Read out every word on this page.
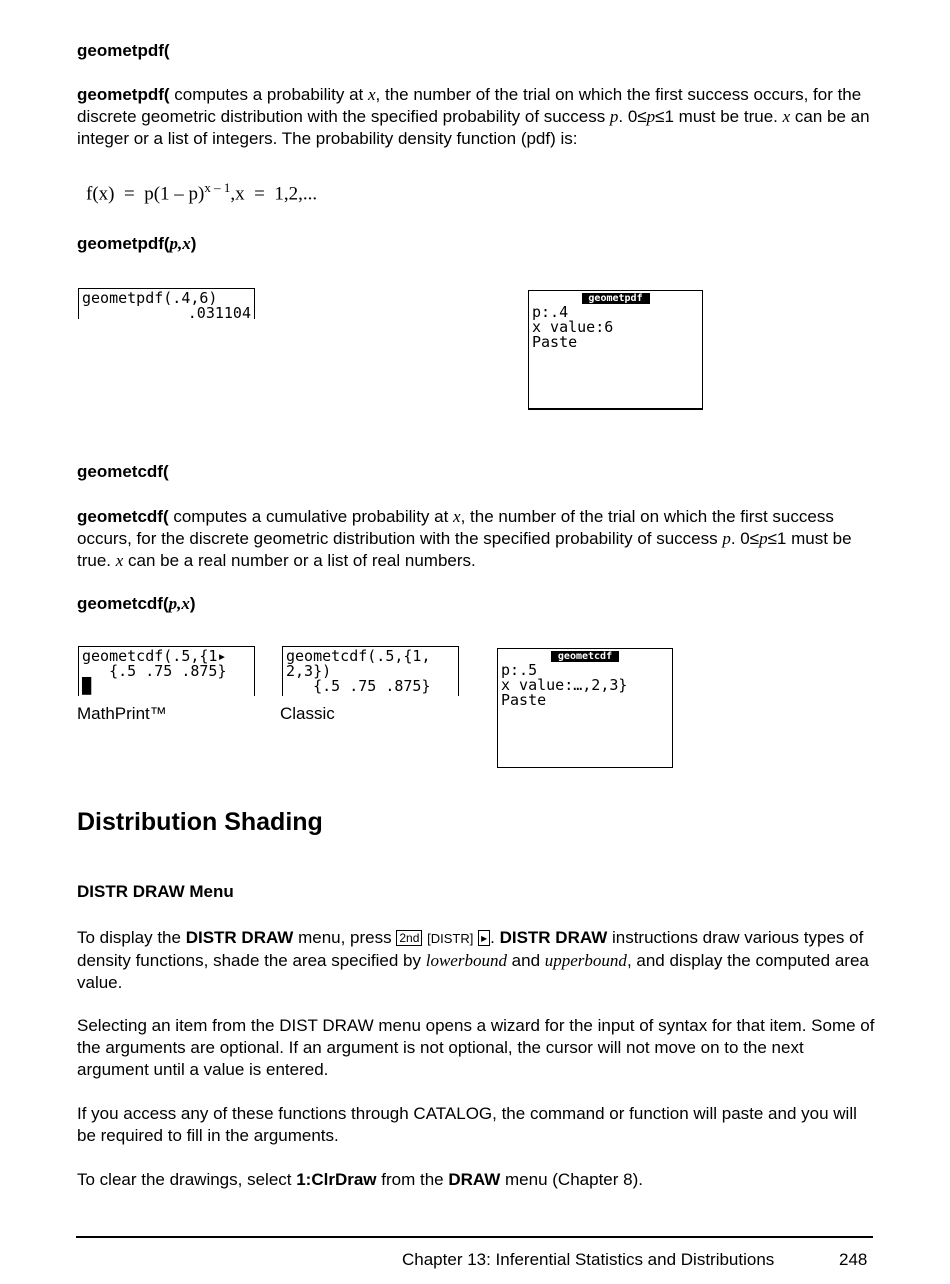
geometpdf(
geometpdf( computes a probability at x, the number of the trial on which the first success occurs, for the discrete geometric distribution with the specified probability of success p. 0≤p≤1 must be true. x can be an integer or a list of integers. The probability density function (pdf) is:
f(x)  =  p(1 – p)$^{x - 1}$,x  =  1,2,...
geometpdf(p,x)
geometpdf(.4,6)
.031104
geometpdf
p:.4
x value:6
Paste
geometcdf(
geometcdf( computes a cumulative probability at x, the number of the trial on which the first success occurs, for the discrete geometric distribution with the specified probability of success p. 0≤p≤1 must be true. x can be a real number or a list of real numbers.
geometcdf(p,x)
geometcdf(.5,{1▸
{.5 .75 .875}
█
MathPrint™
geometcdf(.5,{1,
2,3})
{.5 .75 .875}
Classic
geometcdf
p:.5
x value:…,2,3}
Paste
Distribution Shading
DISTR DRAW Menu
To display the DISTR DRAW menu, press 2nd [DISTR] ▸ . DISTR DRAW instructions draw various types of density functions, shade the area specified by lowerbound and upperbound, and display the computed area value.
Selecting an item from the DIST DRAW menu opens a wizard for the input of syntax for that item. Some of the arguments are optional. If an argument is not optional, the cursor will not move on to the next argument until a value is entered.
If you access any of these functions through CATALOG, the command or function will paste and you will be required to fill in the arguments.
To clear the drawings, select 1:ClrDraw from the DRAW menu (Chapter 8).
Chapter 13: Inferential Statistics and Distributions	248
